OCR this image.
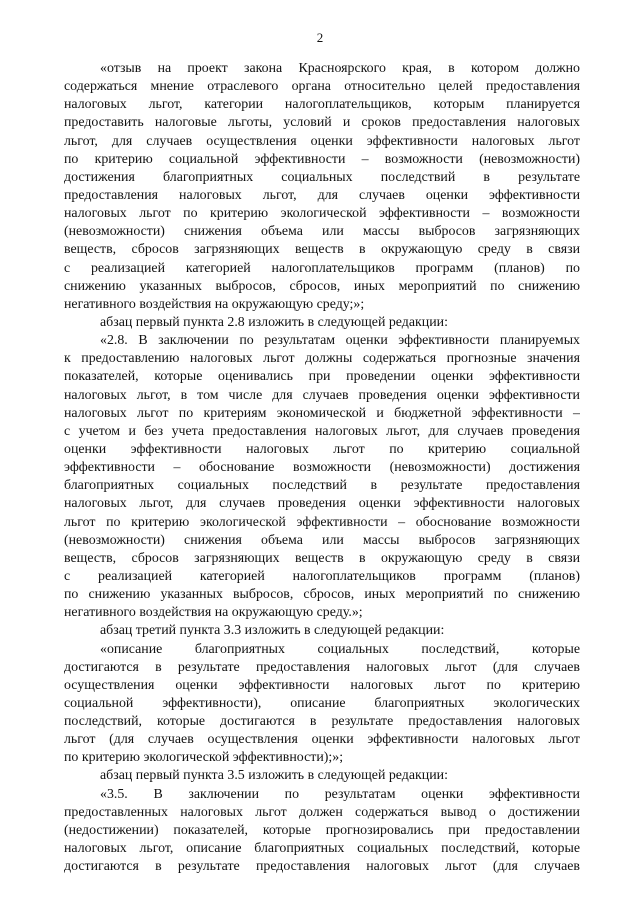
2
«отзыв на проект закона Красноярского края, в котором должно
содержаться мнение отраслевого органа относительно целей предоставления
налоговых льгот, категории налогоплательщиков, которым планируется
предоставить налоговые льготы, условий и сроков предоставления налоговых
льгот, для случаев осуществления оценки эффективности налоговых льгот
по критерию социальной эффективности – возможности (невозможности)
достижения благоприятных социальных последствий в результате
предоставления налоговых льгот, для случаев оценки эффективности
налоговых льгот по критерию экологической эффективности – возможности
(невозможности) снижения объема или массы выбросов загрязняющих
веществ, сбросов загрязняющих веществ в окружающую среду в связи
с реализацией категорией налогоплательщиков программ (планов) по
снижению указанных выбросов, сбросов, иных мероприятий по снижению
негативного воздействия на окружающую среду;»;
абзац первый пункта 2.8 изложить в следующей редакции:
«2.8. В заключении по результатам оценки эффективности планируемых
к предоставлению налоговых льгот должны содержаться прогнозные значения
показателей, которые оценивались при проведении оценки эффективности
налоговых льгот, в том числе для случаев проведения оценки эффективности
налоговых льгот по критериям экономической и бюджетной эффективности –
с учетом и без учета предоставления налоговых льгот, для случаев проведения
оценки эффективности налоговых льгот по критерию социальной
эффективности – обоснование возможности (невозможности) достижения
благоприятных социальных последствий в результате предоставления
налоговых льгот, для случаев проведения оценки эффективности налоговых
льгот по критерию экологической эффективности – обоснование возможности
(невозможности) снижения объема или массы выбросов загрязняющих
веществ, сбросов загрязняющих веществ в окружающую среду в связи
с реализацией категорией налогоплательщиков программ (планов)
по снижению указанных выбросов, сбросов, иных мероприятий по снижению
негативного воздействия на окружающую среду.»;
абзац третий пункта 3.3 изложить в следующей редакции:
«описание благоприятных социальных последствий, которые
достигаются в результате предоставления налоговых льгот (для случаев
осуществления оценки эффективности налоговых льгот по критерию
социальной эффективности), описание благоприятных экологических
последствий, которые достигаются в результате предоставления налоговых
льгот (для случаев осуществления оценки эффективности налоговых льгот
по критерию экологической эффективности);»;
абзац первый пункта 3.5 изложить в следующей редакции:
«3.5. В заключении по результатам оценки эффективности
предоставленных налоговых льгот должен содержаться вывод о достижении
(недостижении) показателей, которые прогнозировались при предоставлении
налоговых льгот, описание благоприятных социальных последствий, которые
достигаются в результате предоставления налоговых льгот (для случаев
